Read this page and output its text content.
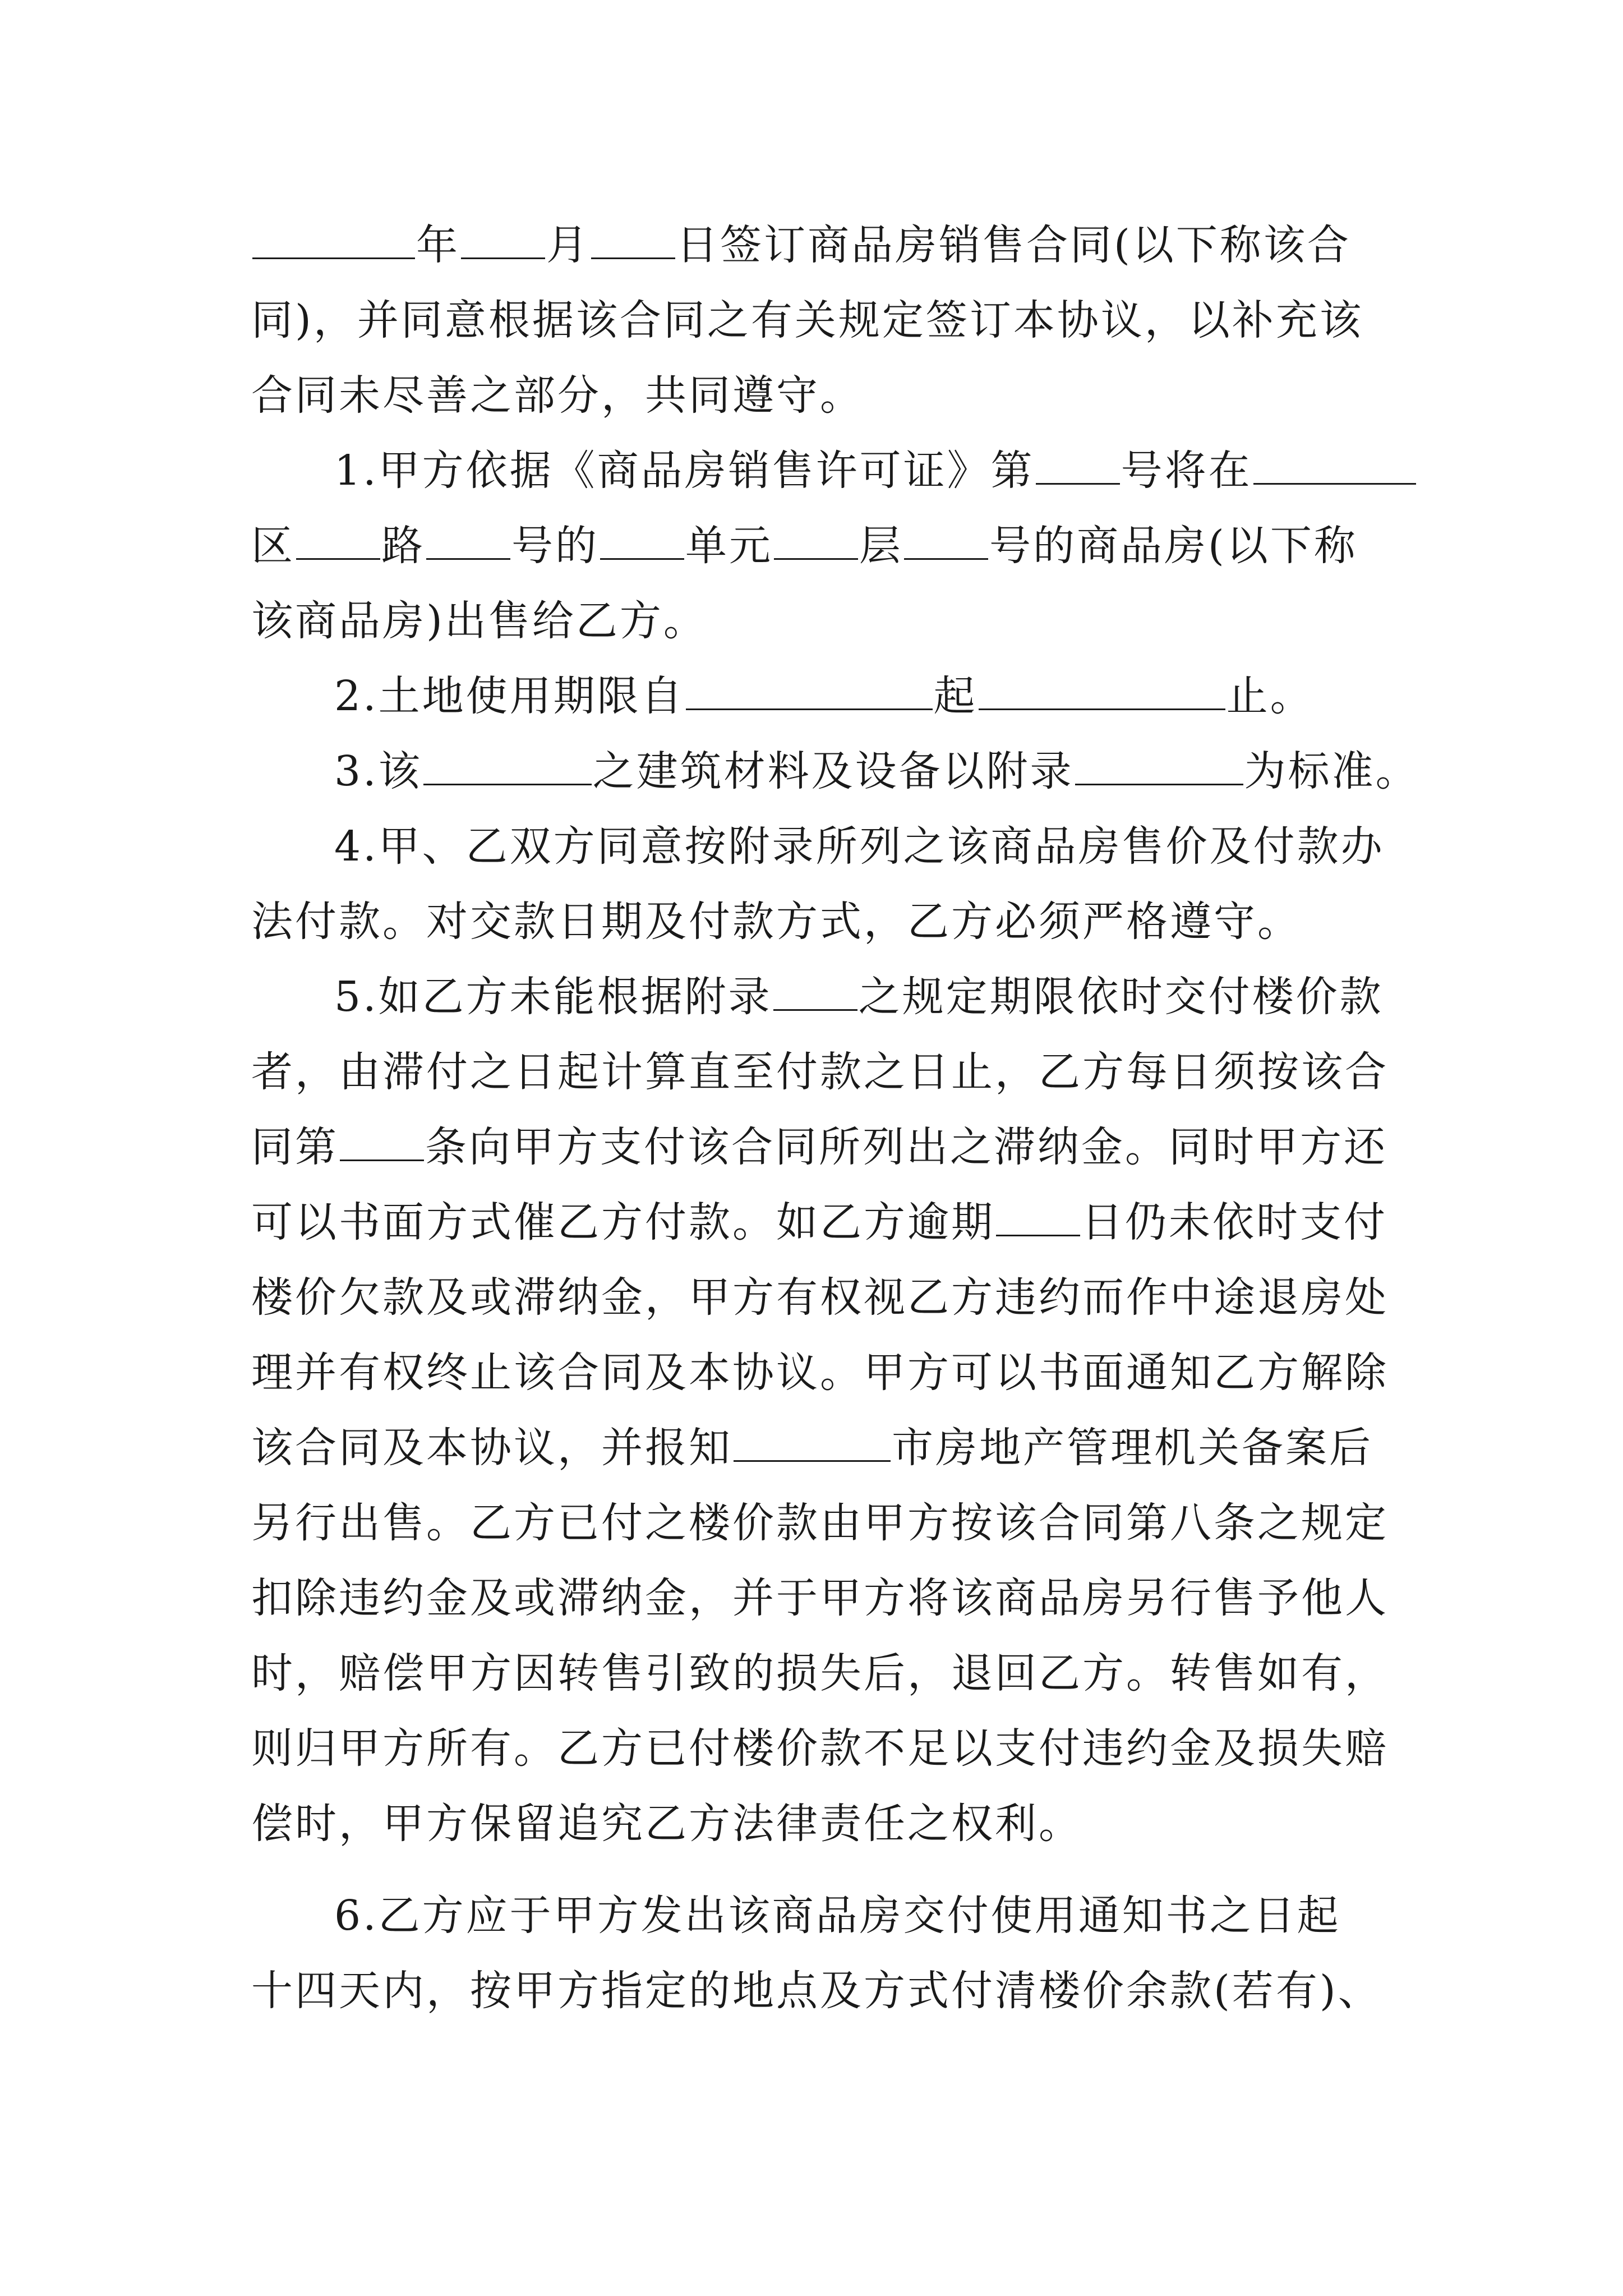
年 月 日签订商品房销售合同(以下称该合
同)，并同意根据该合同之有关规定签订本协议，以补充该
合同未尽善之部分，共同遵守。
1.甲方依据《商品房销售许可证》第 号将在
区 路 号的 单元 层 号的商品房(以下称
该商品房)出售给乙方。
2.土地使用期限自	起	止。
3.该	之建筑材料及设备以附录	为标准。
4.甲、乙双方同意按附录所列之该商品房售价及付款办
法付款。对交款日期及付款方式，乙方必须严格遵守。
5.如乙方未能根据附录 之规定期限依时交付楼价款
者，由滞付之日起计算直至付款之日止，乙方每日须按该合
同第 条向甲方支付该合同所列出之滞纳金。同时甲方还
可以书面方式催乙方付款。如乙方逾期 日仍未依时支付
楼价欠款及或滞纳金，甲方有权视乙方违约而作中途退房处
理并有权终止该合同及本协议。甲方可以书面通知乙方解除
该合同及本协议，并报知	市房地产管理机关备案后
另行出售。乙方已付之楼价款由甲方按该合同第八条之规定
扣除违约金及或滞纳金，并于甲方将该商品房另行售予他人
时，赔偿甲方因转售引致的损失后，退回乙方。转售如有，
则归甲方所有。乙方已付楼价款不足以支付违约金及损失赔
偿时，甲方保留追究乙方法律责任之权利。
6.乙方应于甲方发出该商品房交付使用通知书之日起
十四天内，按甲方指定的地点及方式付清楼价余款(若有)、
